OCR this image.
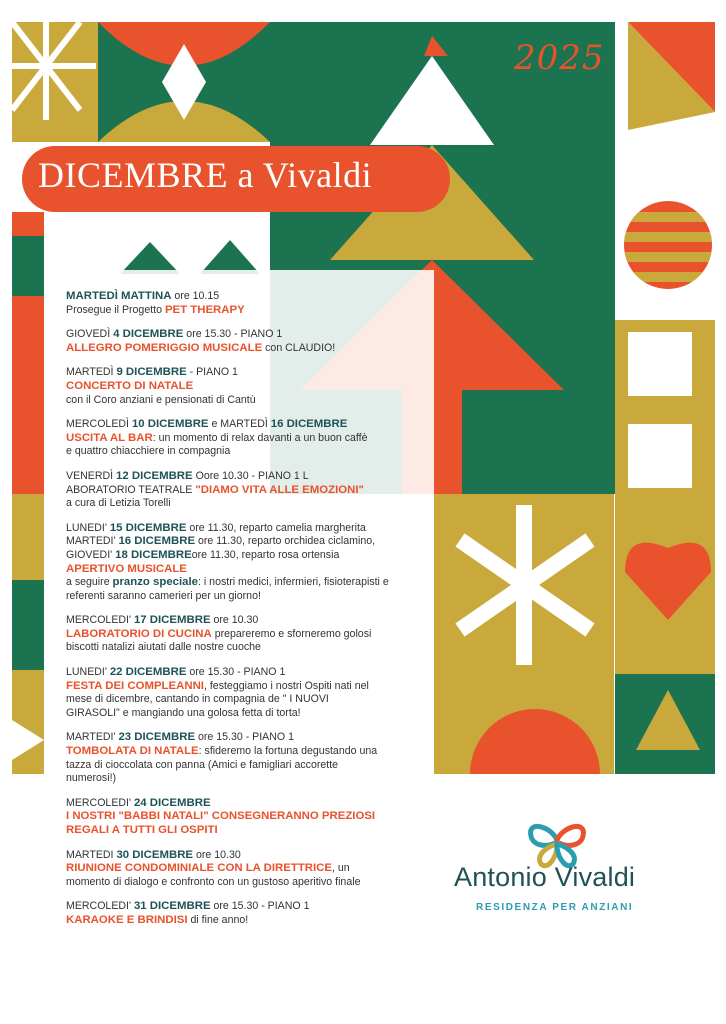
2025
DICEMBRE a Vivaldi
MARTEDÌ MATTINA ore 10.15
Prosegue il Progetto PET THERAPY
GIOVEDÌ 4 DICEMBRE ore 15.30 - PIANO 1
ALLEGRO POMERIGGIO MUSICALE con CLAUDIO!
MARTEDÌ 9 DICEMBRE - PIANO 1
CONCERTO DI NATALE
con il Coro anziani e pensionati di Cantù
MERCOLEDÌ 10 DICEMBRE e MARTEDÌ 16 DICEMBRE
USCITA AL BAR: un momento di relax davanti a un buon caffè
e quattro chiacchiere in compagnia
VENERDÌ 12 DICEMBRE Oore 10.30 - PIANO 1 L
ABORATORIO TEATRALE "DIAMO VITA ALLE EMOZIONI"
a cura di Letizia Torelli
LUNEDI' 15 DICEMBRE ore 11.30, reparto camelia margherita
MARTEDI' 16 DICEMBRE ore 11.30, reparto orchidea ciclamino,
GIOVEDI' 18 DICEMBREore 11.30, reparto rosa ortensia
APERTIVO MUSICALE
a seguire pranzo speciale: i nostri medici, infermieri, fisioterapisti e
referenti saranno camerieri per un giorno!
MERCOLEDI' 17 DICEMBRE ore 10.30
LABORATORIO DI CUCINA prepareremo e sforneremo golosi
biscotti natalizi aiutati dalle nostre cuoche
LUNEDI' 22 DICEMBRE ore 15.30 - PIANO 1
FESTA DEI COMPLEANNI, festeggiamo i nostri Ospiti nati nel
mese di dicembre, cantando in compagnia de " I NUOVI
GIRASOLI" e mangiando una golosa fetta di torta!
MARTEDI' 23 DICEMBRE ore 15.30 - PIANO 1
TOMBOLATA DI NATALE: sfideremo la fortuna degustando una
tazza di cioccolata con panna (Amici e famigliari accorette
numerosi!)
MERCOLEDI' 24 DICEMBRE
I NOSTRI "BABBI NATALI" CONSEGNERANNO PREZIOSI
REGALI A TUTTI GLI OSPITI
MARTEDI 30 DICEMBRE ore 10.30
RIUNIONE CONDOMINIALE CON LA DIRETTRICE, un
momento di dialogo e confronto con un gustoso aperitivo finale
MERCOLEDI' 31 DICEMBRE ore 15.30 - PIANO 1
KARAOKE E BRINDISI di fine anno!
Antonio Vivaldi
RESIDENZA PER ANZIANI
